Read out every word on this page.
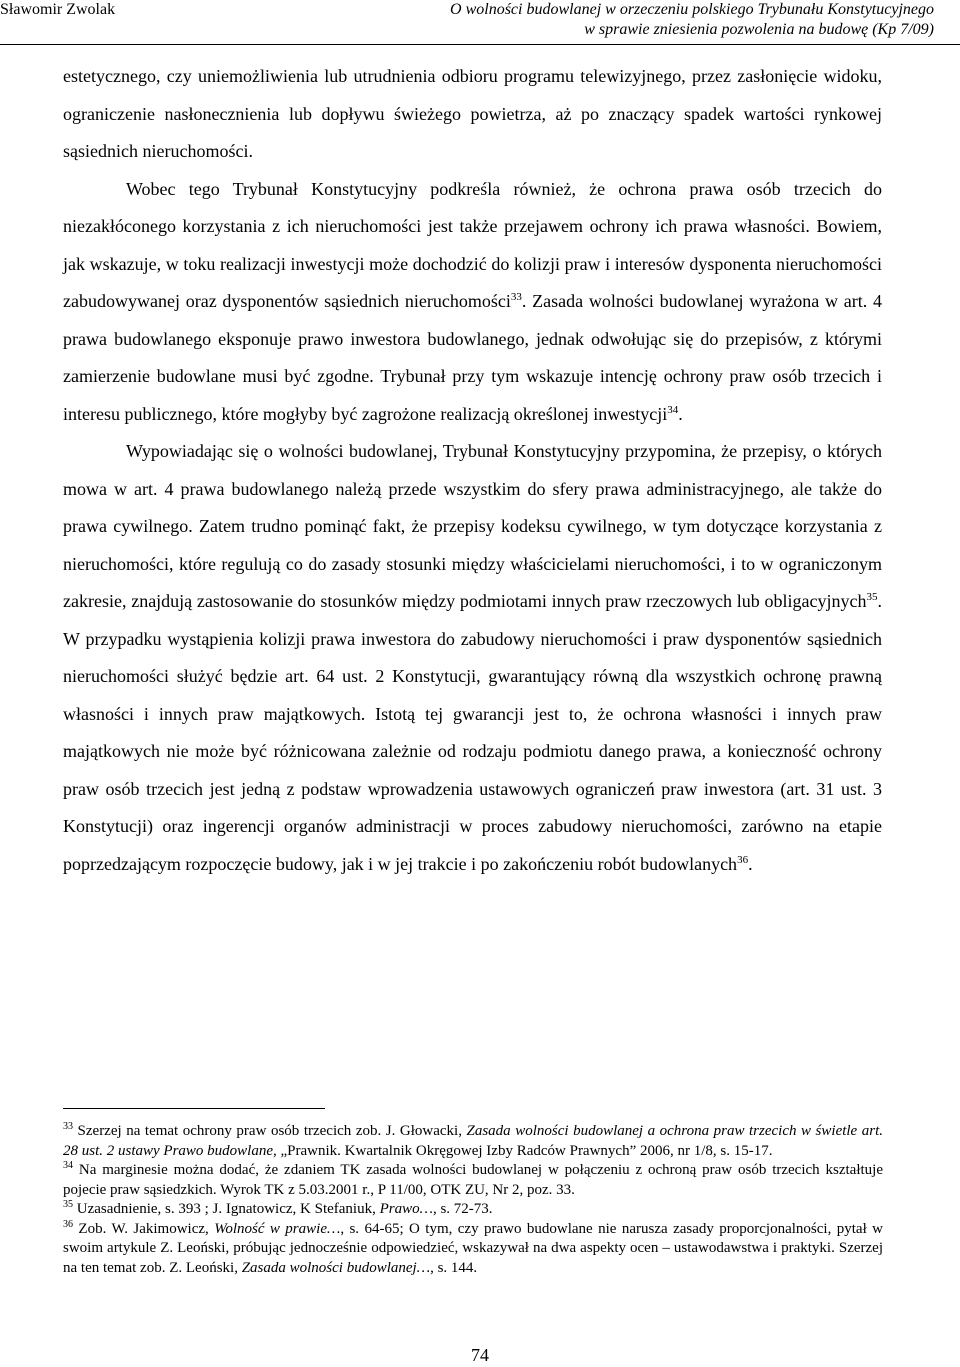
Sławomir Zwolak	O wolności budowlanej w orzeczeniu polskiego Trybunału Konstytucyjnego
w sprawie zniesienia pozwolenia na budowę (Kp 7/09)

estetycznego, czy uniemożliwienia lub utrudnienia odbioru programu telewizyjnego, przez zasłonięcie widoku, ograniczenie nasłonecznienia lub dopływu świeżego powietrza, aż po znaczący spadek wartości rynkowej sąsiednich nieruchomości.

Wobec tego Trybunał Konstytucyjny podkreśla również, że ochrona prawa osób trzecich do niezakłóconego korzystania z ich nieruchomości jest także przejawem ochrony ich prawa własności. Bowiem, jak wskazuje, w toku realizacji inwestycji może dochodzić do kolizji praw i interesów dysponenta nieruchomości zabudowywanej oraz dysponentów sąsiednich nieruchomości$^{33}$. Zasada wolności budowlanej wyrażona w art. 4 prawa budowlanego eksponuje prawo inwestora budowlanego, jednak odwołując się do przepisów, z którymi zamierzenie budowlane musi być zgodne. Trybunał przy tym wskazuje intencję ochrony praw osób trzecich i interesu publicznego, które mogłyby być zagrożone realizacją określonej inwestycji$^{34}$.

Wypowiadając się o wolności budowlanej, Trybunał Konstytucyjny przypomina, że przepisy, o których mowa w art. 4 prawa budowlanego należą przede wszystkim do sfery prawa administracyjnego, ale także do prawa cywilnego. Zatem trudno pominąć fakt, że przepisy kodeksu cywilnego, w tym dotyczące korzystania z nieruchomości, które regulują co do zasady stosunki między właścicielami nieruchomości, i to w ograniczonym zakresie, znajdują zastosowanie do stosunków między podmiotami innych praw rzeczowych lub obligacyjnych$^{35}$. W przypadku wystąpienia kolizji prawa inwestora do zabudowy nieruchomości i praw dysponentów sąsiednich nieruchomości służyć będzie art. 64 ust. 2 Konstytucji, gwarantujący równą dla wszystkich ochronę prawną własności i innych praw majątkowych. Istotą tej gwarancji jest to, że ochrona własności i innych praw majątkowych nie może być różnicowana zależnie od rodzaju podmiotu danego prawa, a konieczność ochrony praw osób trzecich jest jedną z podstaw wprowadzenia ustawowych ograniczeń praw inwestora (art. 31 ust. 3 Konstytucji) oraz ingerencji organów administracji w proces zabudowy nieruchomości, zarówno na etapie poprzedzającym rozpoczęcie budowy, jak i w jej trakcie i po zakończeniu robót budowlanych$^{36}$.

$^{33}$ Szerzej na temat ochrony praw osób trzecich zob. J. Głowacki, Zasada wolności budowlanej a ochrona praw trzecich w świetle art. 28 ust. 2 ustawy Prawo budowlane, „Prawnik. Kwartalnik Okręgowej Izby Radców Prawnych” 2006, nr 1/8, s. 15-17.

$^{34}$ Na marginesie można dodać, że zdaniem TK zasada wolności budowlanej w połączeniu z ochroną praw osób trzecich kształtuje pojecie praw sąsiedzkich. Wyrok TK z 5.03.2001 r., P 11/00, OTK ZU, Nr 2, poz. 33.

$^{35}$ Uzasadnienie, s. 393 ; J. Ignatowicz, K Stefaniuk, Prawo…, s. 72-73.

$^{36}$ Zob. W. Jakimowicz, Wolność w prawie…, s. 64-65; O tym, czy prawo budowlane nie narusza zasady proporcjonalności, pytał w swoim artykule Z. Leoński, próbując jednocześnie odpowiedzieć, wskazywał na dwa aspekty ocen – ustawodawstwa i praktyki. Szerzej na ten temat zob. Z. Leoński, Zasada wolności budowlanej…, s. 144.

74
